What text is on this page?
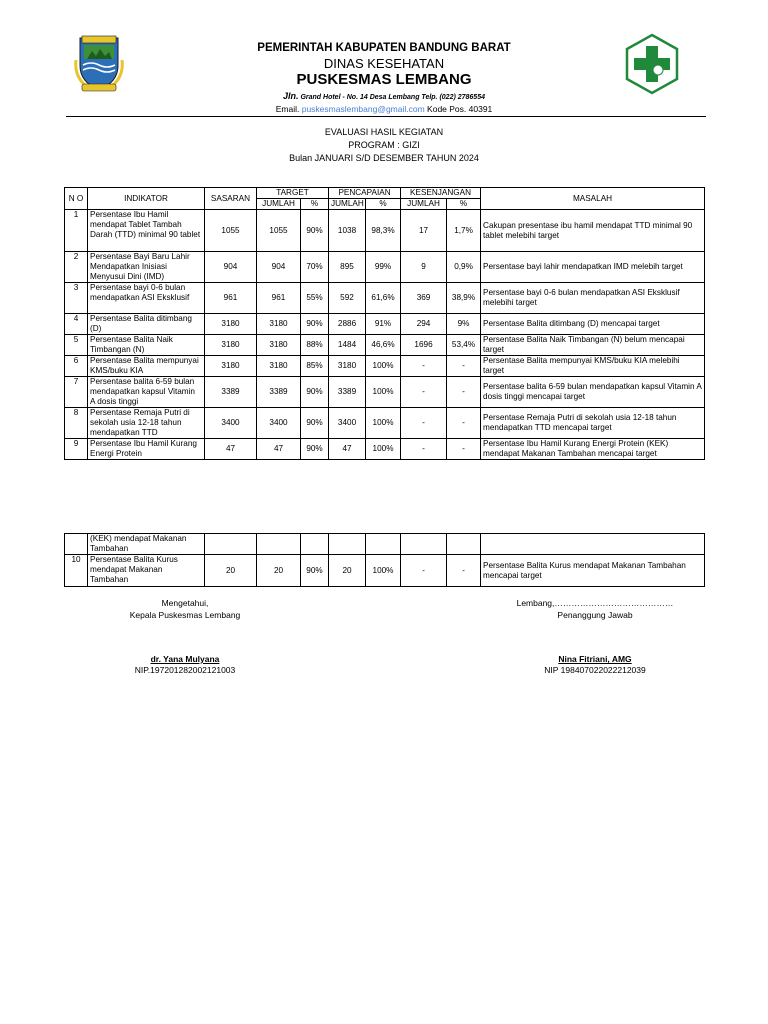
PEMERINTAH KABUPATEN BANDUNG BARAT
DINAS KESEHATAN
PUSKESMAS LEMBANG
Jln. Grand Hotel - No. 14 Desa Lembang Telp. (022) 2786554
Email. puskesmaslembang@gmail.com Kode Pos. 40391
EVALUASI HASIL KEGIATAN
PROGRAM : GIZI
Bulan JANUARI S/D DESEMBER TAHUN 2024
N O	INDIKATOR	SASARAN	TARGET		PENCAPAIAN		KESENJANGAN		MASALAH
			JUMLAH	%	JUMLAH	%	JUMLAH	%	
1	Persentase Ibu Hamil mendapat Tablet Tambah Darah (TTD) minimal 90 tablet	1055	1055	90%	1038	98,3%	17	1,7%	Cakupan presentase ibu hamil mendapat TTD minimal 90 tablet melebihi target
2	Persentase Bayi Baru Lahir Mendapatkan Inisiasi Menyusui Dini (IMD)	904	904	70%	895	99%	9	0,9%	Persentase bayi lahir mendapatkan IMD melebih target
3	Persentase bayi 0-6 bulan mendapatkan ASI Eksklusif	961	961	55%	592	61,6%	369	38,9%	Persentase bayi 0-6 bulan mendapatkan ASI Eksklusif melebihi target
4	Persentase Balita ditimbang (D)	3180	3180	90%	2886	91%	294	9%	Persentase Balita ditimbang (D) mencapai target
5	Persentase Balita Naik Timbangan (N)	3180	3180	88%	1484	46,6%	1696	53,4%	Persentase Balita Naik Timbangan (N) belum mencapai target
6	Persentase Balita mempunyai KMS/buku KIA	3180	3180	85%	3180	100%	-	-	Persentase Balita mempunyai KMS/buku KIA melebihi target
7	Persentase balita 6-59 bulan mendapatkan kapsul Vitamin A dosis tinggi	3389	3389	90%	3389	100%	-	-	Persentase balita 6-59 bulan mendapatkan kapsul Vitamin A dosis tinggi mencapai target
8	Persentase Remaja Putri di sekolah usia 12-18 tahun mendapatkan TTD	3400	3400	90%	3400	100%	-	-	Persentase Remaja Putri di sekolah usia 12-18 tahun mendapatkan TTD mencapai target
9	Persentase Ibu Hamil Kurang Energi Protein	47	47	90%	47	100%	-	-	Persentase Ibu Hamil Kurang Energi Protein (KEK) mendapat Makanan Tambahan mencapai target
	(KEK) mendapat Makanan Tambahan								
10	Persentase Balita Kurus mendapat Makanan Tambahan	20	20	90%	20	100%	-	-	Persentase Balita Kurus mendapat Makanan Tambahan mencapai target
Mengetahui,
Kepala Puskesmas Lembang
dr. Yana Mulyana
NIP.197201282002121003
Lembang,……………………………………
Penanggung Jawab
Nina Fitriani, AMG
NIP 198407022022212039
